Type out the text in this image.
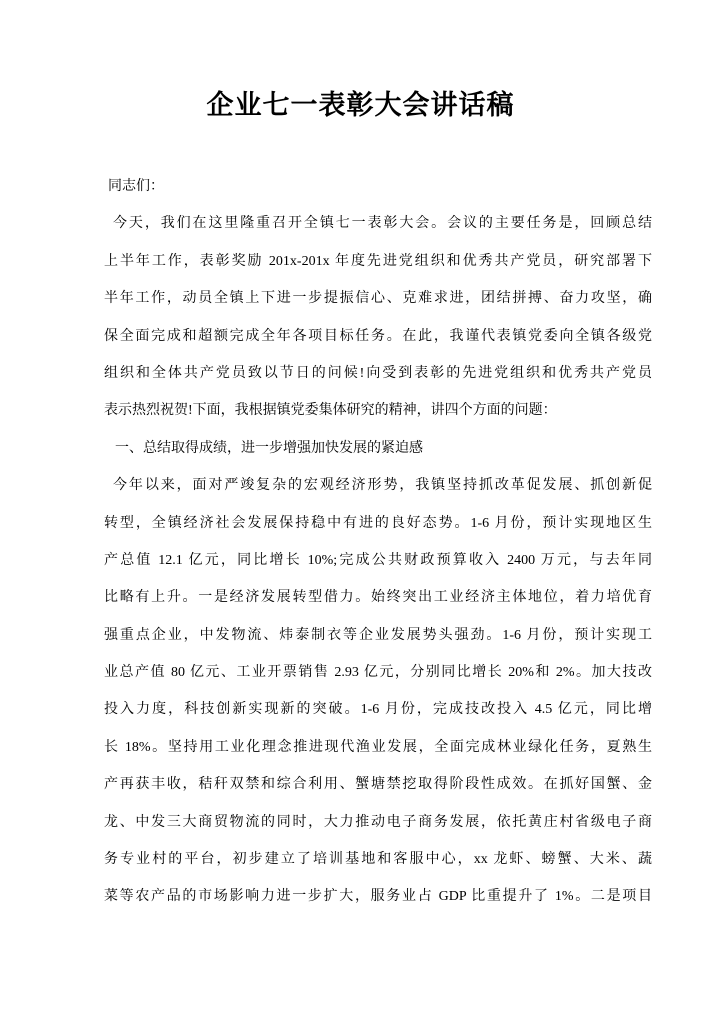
企业七一表彰大会讲话稿

同志们：

今天，我们在这里隆重召开全镇七一表彰大会。会议的主要任务是，回顾总结

上半年工作，表彰奖励 201x-201x 年度先进党组织和优秀共产党员，研究部署下

半年工作，动员全镇上下进一步提振信心、克难求进，团结拼搏、奋力攻坚，确

保全面完成和超额完成全年各项目标任务。在此，我谨代表镇党委向全镇各级党

组织和全体共产党员致以节日的问候!向受到表彰的先进党组织和优秀共产党员

表示热烈祝贺!下面，我根据镇党委集体研究的精神，讲四个方面的问题：

一、总结取得成绩，进一步增强加快发展的紧迫感

今年以来，面对严竣复杂的宏观经济形势，我镇坚持抓改革促发展、抓创新促

转型，全镇经济社会发展保持稳中有进的良好态势。1-6 月份，预计实现地区生

产总值 12.1 亿元，同比增长 10%;完成公共财政预算收入 2400 万元，与去年同

比略有上升。一是经济发展转型借力。始终突出工业经济主体地位，着力培优育

强重点企业，中发物流、炜泰制衣等企业发展势头强劲。1-6 月份，预计实现工

业总产值 80 亿元、工业开票销售 2.93 亿元，分别同比增长 20%和 2%。加大技改

投入力度，科技创新实现新的突破。1-6 月份，完成技改投入 4.5 亿元，同比增

长 18%。坚持用工业化理念推进现代渔业发展，全面完成林业绿化任务，夏熟生

产再获丰收，秸秆双禁和综合利用、蟹塘禁挖取得阶段性成效。在抓好国蟹、金

龙、中发三大商贸物流的同时，大力推动电子商务发展，依托黄庄村省级电子商

务专业村的平台，初步建立了培训基地和客服中心，xx 龙虾、螃蟹、大米、蔬

菜等农产品的市场影响力进一步扩大，服务业占 GDP 比重提升了 1%。二是项目
